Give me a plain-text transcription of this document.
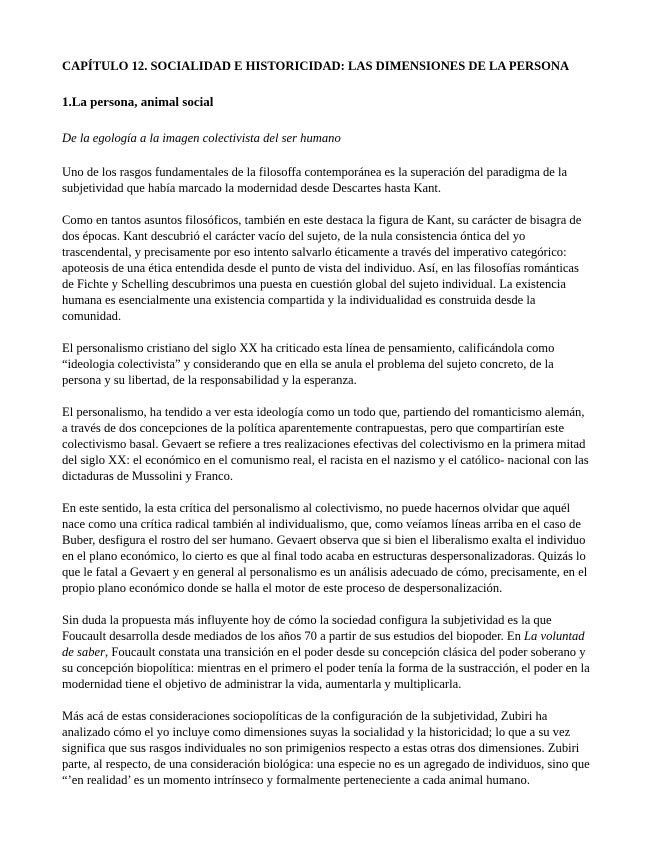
CAPÍTULO 12. SOCIALIDAD E HISTORICIDAD: LAS DIMENSIONES DE LA PERSONA
1.La persona, animal social
De la egología a la imagen colectivista del ser humano

Uno de los rasgos fundamentales de la filosoffa contemporánea es la superación del paradigma de la subjetividad que había marcado la modernidad desde Descartes hasta Kant.

Como en tantos asuntos filosóficos, también en este destaca la figura de Kant, su carácter de bisagra de dos épocas. Kant descubrió el carácter vacío del sujeto, de la nula consistencia óntica del yo trascendental, y precisamente por eso intento salvarlo éticamente a través del imperativo categórico: apoteosis de una ética entendida desde el punto de vista del individuo. Así, en las filosofías románticas de Fichte y Schelling descubrimos una puesta en cuestión global del sujeto individual. La existencia humana es esencialmente una existencia compartida y la individualidad es construida desde la comunidad.

El personalismo cristiano del siglo XX ha criticado esta línea de pensamiento, calificándola como “ideologia colectivista” y considerando que en ella se anula el problema del sujeto concreto, de la persona y su libertad, de la responsabilidad y la esperanza.

El personalismo, ha tendido a ver esta ideología como un todo que, partiendo del romanticismo alemán, a través de dos concepciones de la política aparentemente contrapuestas, pero que compartirían este colectivismo basal. Gevaert se refiere a tres realizaciones efectivas del colectivismo en la primera mitad del siglo XX: el económico en el comunismo real, el racista en el nazismo y el católico- nacional con las dictaduras de Mussolini y Franco.

En este sentido, la esta crítica del personalismo al colectivismo, no puede hacernos olvidar que aquél nace como una crítica radical también al individualismo, que, como veíamos líneas arriba en el caso de Buber, desfigura el rostro del ser humano. Gevaert observa que si bien el liberalismo exalta el individuo en el plano económico, lo cierto es que al final todo acaba en estructuras despersonalizadoras. Quizás lo que le fatal a Gevaert y en general al personalismo es un análisis adecuado de cómo, precisamente, en el propio plano económico donde se halla el motor de este proceso de despersonalización.

Sin duda la propuesta más influyente hoy de cómo la sociedad configura la subjetividad es la que Foucault desarrolla desde mediados de los años 70 a partir de sus estudios del biopoder. En La voluntad de saber, Foucault constata una transición en el poder desde su concepción clásica del poder soberano y su concepción biopolítica: mientras en el primero el poder tenía la forma de la sustracción, el poder en la modernidad tiene el objetivo de administrar la vida, aumentarla y multiplicarla.

Más acá de estas consideraciones sociopolíticas de la configuración de la subjetividad, Zubiri ha analizado cómo el yo incluye como dimensiones suyas la socialidad y la historicidad; lo que a su vez significa que sus rasgos individuales no son primigenios respecto a estas otras dos dimensiones. Zubiri parte, al respecto, de una consideración biológica: una especie no es un agregado de individuos, sino que “’en realidad’ es un momento intrínseco y formalmente perteneciente a cada animal humano.
